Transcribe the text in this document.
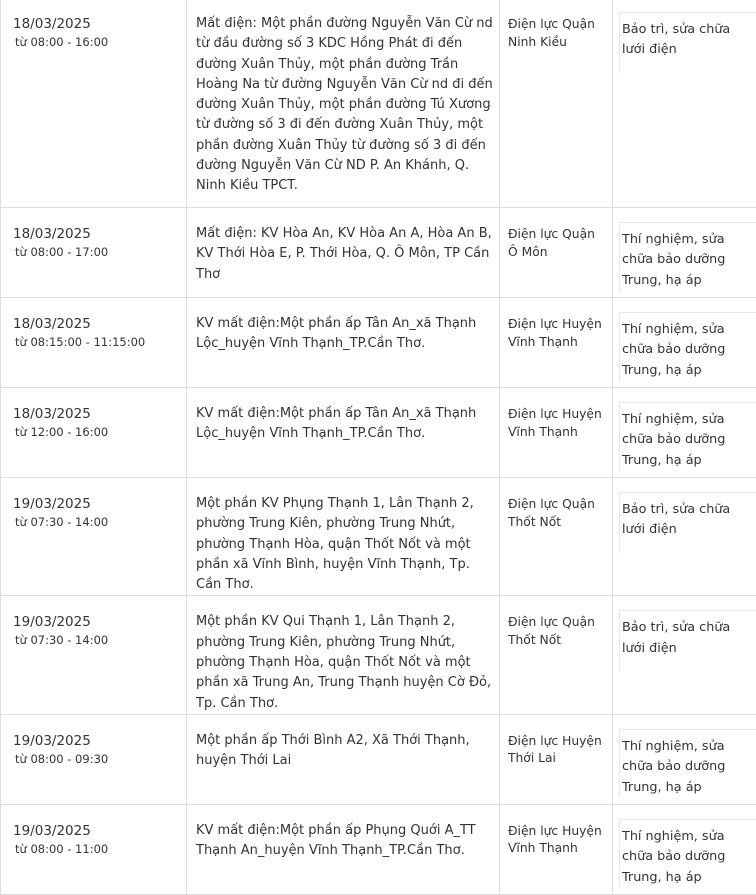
18/03/2025
từ 08:00 - 16:00	Mất điện: Một phần đường Nguyễn Văn Cừ nd từ đầu đường số 3 KDC Hồng Phát đi đến đường Xuân Thủy, một phần đường Trần Hoàng Na từ đường Nguyễn Văn Cừ nd đi đến đường Xuân Thủy, một phần đường Tú Xương từ đường số 3 đi đến đường Xuân Thủy, một phần đường Xuân Thủy từ đường số 3 đi đến đường Nguyễn Văn Cừ ND P. An Khánh, Q. Ninh Kiều TPCT.	Điện lực Quận Ninh Kiều	Bảo trì, sửa chữa lưới điện

18/03/2025
từ 08:00 - 17:00	Mất điện: KV Hòa An, KV Hòa An A, Hòa An B, KV Thới Hòa E, P. Thới Hòa, Q. Ô Môn, TP Cần Thơ	Điện lực Quận Ô Môn	Thí nghiệm, sửa chữa bảo dưỡng Trung, hạ áp

18/03/2025
từ 08:15:00 - 11:15:00	KV mất điện:Một phần ấp Tân An_xã Thạnh Lộc_huyện Vĩnh Thạnh_TP.Cần Thơ.	Điện lực Huyện Vĩnh Thạnh	Thí nghiệm, sửa chữa bảo dưỡng Trung, hạ áp

18/03/2025
từ 12:00 - 16:00	KV mất điện:Một phần ấp Tân An_xã Thạnh Lộc_huyện Vĩnh Thạnh_TP.Cần Thơ.	Điện lực Huyện Vĩnh Thạnh	Thí nghiệm, sửa chữa bảo dưỡng Trung, hạ áp

19/03/2025
từ 07:30 - 14:00	Một phần KV Phụng Thạnh 1, Lân Thạnh 2, phường Trung Kiên, phường Trung Nhứt, phường Thạnh Hòa, quận Thốt Nốt và một phần xã Vĩnh Bình, huyện Vĩnh Thạnh, Tp. Cần Thơ.	Điện lực Quận Thốt Nốt	Bảo trì, sửa chữa lưới điện

19/03/2025
từ 07:30 - 14:00	Một phần KV Qui Thạnh 1, Lân Thạnh 2, phường Trung Kiên, phường Trung Nhứt, phường Thạnh Hòa, quận Thốt Nốt và một phần xã Trung An, Trung Thạnh huyện Cờ Đỏ, Tp. Cần Thơ.	Điện lực Quận Thốt Nốt	Bảo trì, sửa chữa lưới điện

19/03/2025
từ 08:00 - 09:30	Một phần ấp Thới Bình A2, Xã Thới Thạnh, huyện Thới Lai	Điện lực Huyện Thới Lai	Thí nghiệm, sửa chữa bảo dưỡng Trung, hạ áp

19/03/2025
từ 08:00 - 11:00	KV mất điện:Một phần ấp Phụng Quới A_TT Thạnh An_huyện Vĩnh Thạnh_TP.Cần Thơ.	Điện lực Huyện Vĩnh Thạnh	Thí nghiệm, sửa chữa bảo dưỡng Trung, hạ áp
